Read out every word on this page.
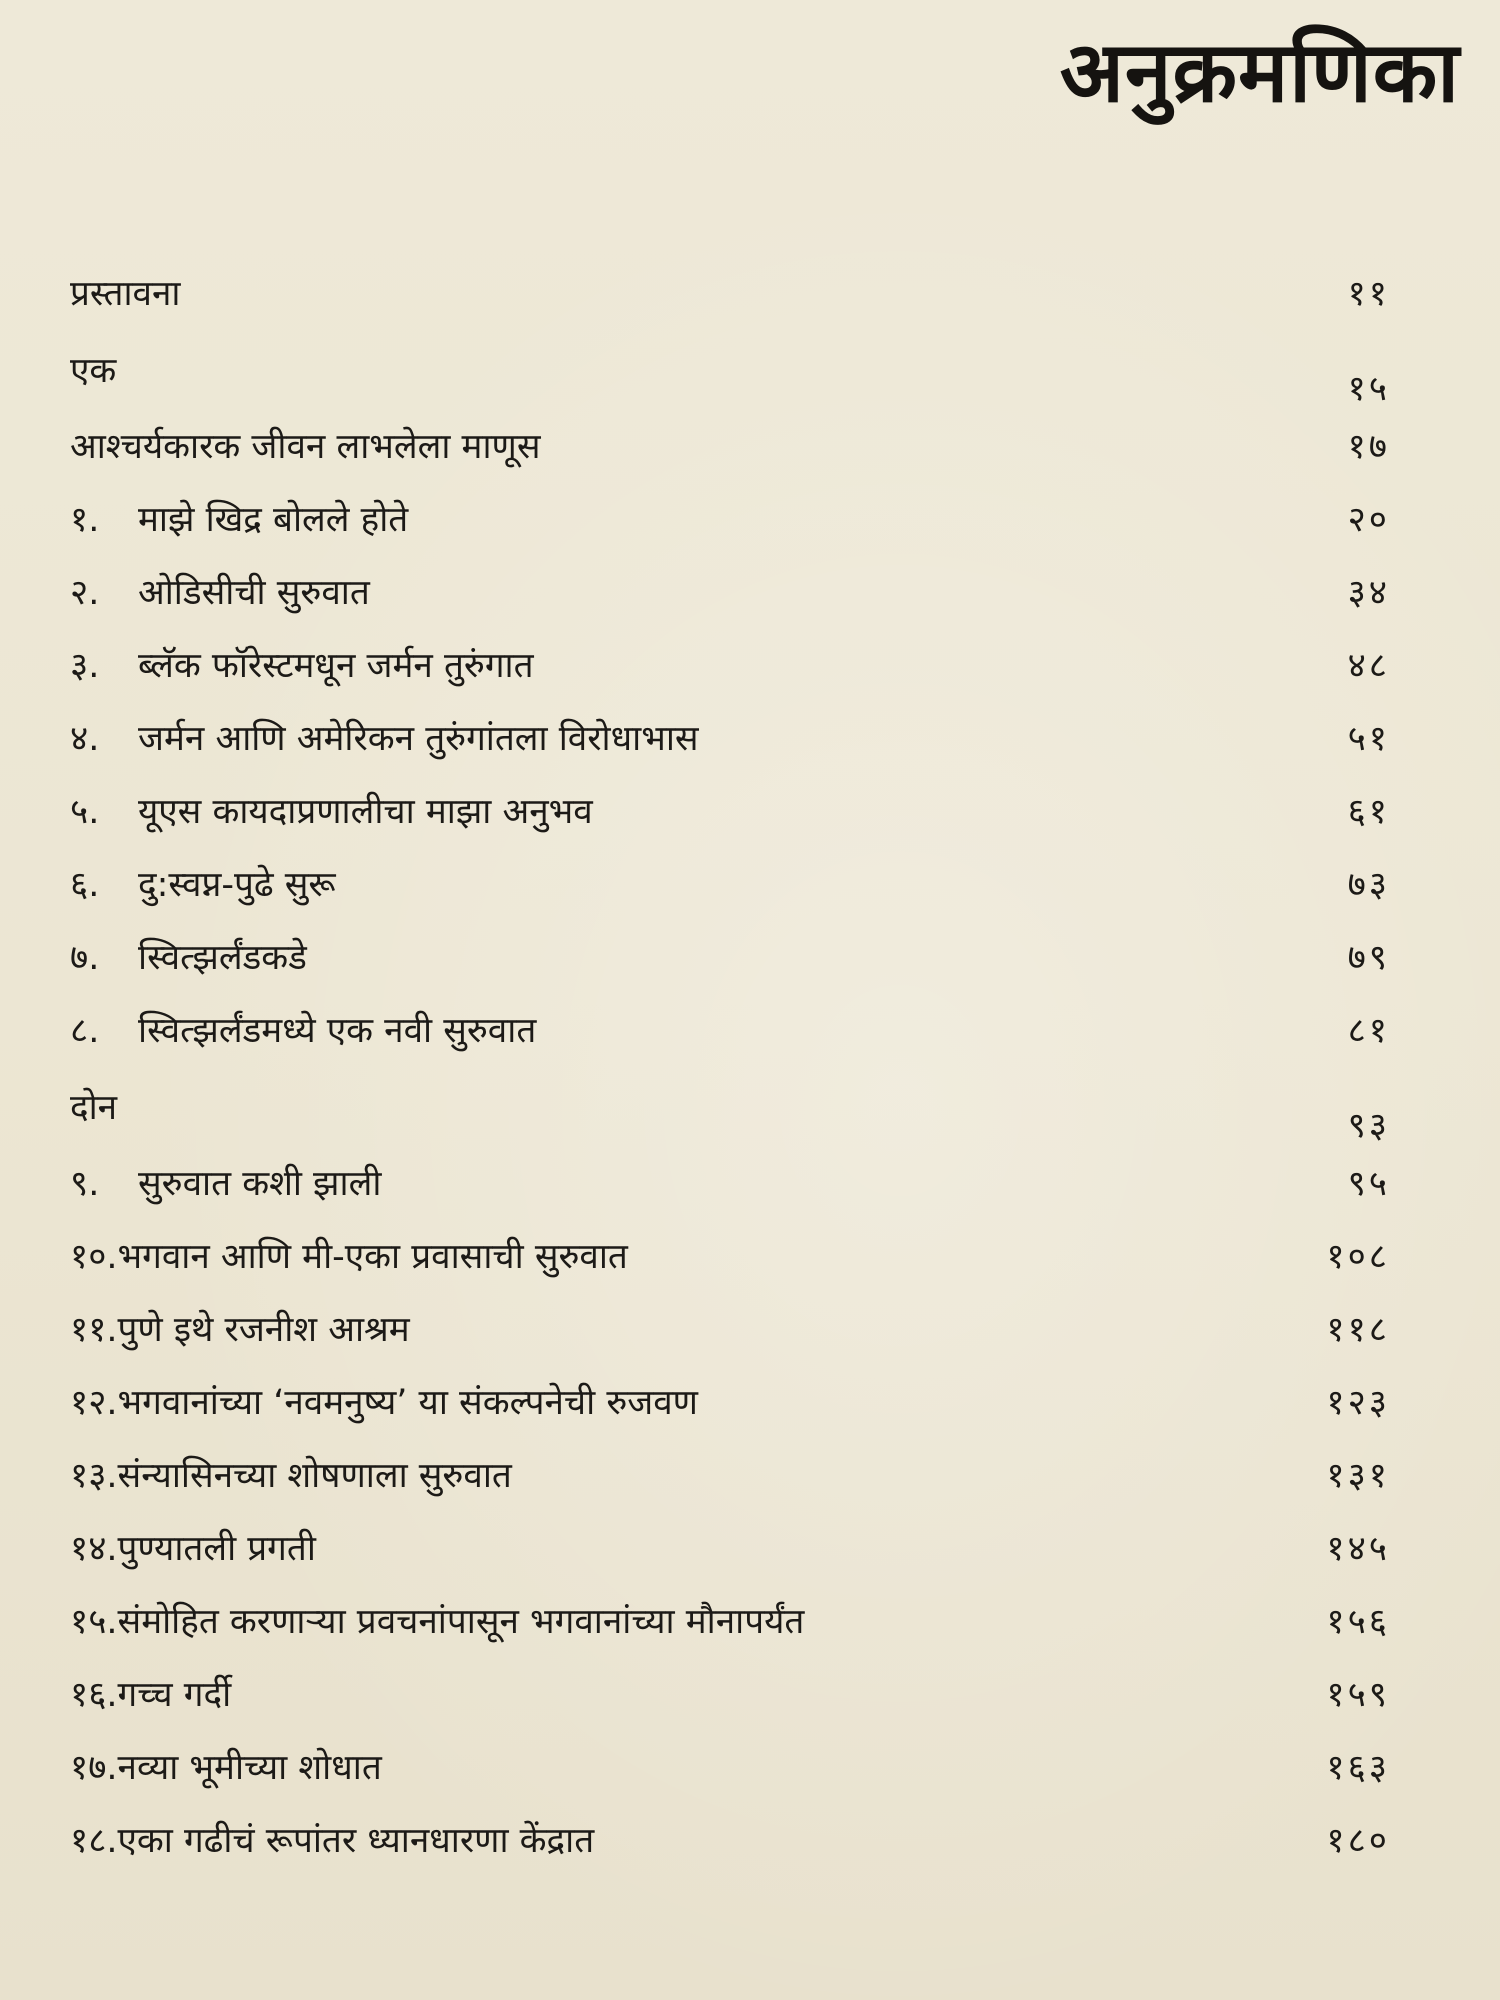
अनुक्रमणिका
प्रस्तावना	११
एक	१५
आश्चर्यकारक जीवन लाभलेला माणूस	१७
१. माझे खिद्र बोलले होते	२०
२. ओडिसीची सुरुवात	३४
३. ब्लॅक फॉरेस्टमधून जर्मन तुरुंगात	४८
४. जर्मन आणि अमेरिकन तुरुंगांतला विरोधाभास	५१
५. यूएस कायदाप्रणालीचा माझा अनुभव	६१
६. दु:स्वप्न-पुढे सुरू	७३
७. स्वित्झर्लंडकडे	७९
८. स्वित्झर्लंडमध्ये एक नवी सुरुवात	८१
दोन	९३
९. सुरुवात कशी झाली	९५
१०.भगवान आणि मी-एका प्रवासाची सुरुवात	१०८
११.पुणे इथे रजनीश आश्रम	११८
१२.भगवानांच्या ‘नवमनुष्य’ या संकल्पनेची रुजवण	१२३
१३.संन्यासिनच्या शोषणाला सुरुवात	१३१
१४.पुण्यातली प्रगती	१४५
१५.संमोहित करणाऱ्या प्रवचनांपासून भगवानांच्या मौनापर्यंत	१५६
१६.गच्च गर्दी	१५९
१७.नव्या भूमीच्या शोधात	१६३
१८.एका गढीचं रूपांतर ध्यानधारणा केंद्रात	१८०
